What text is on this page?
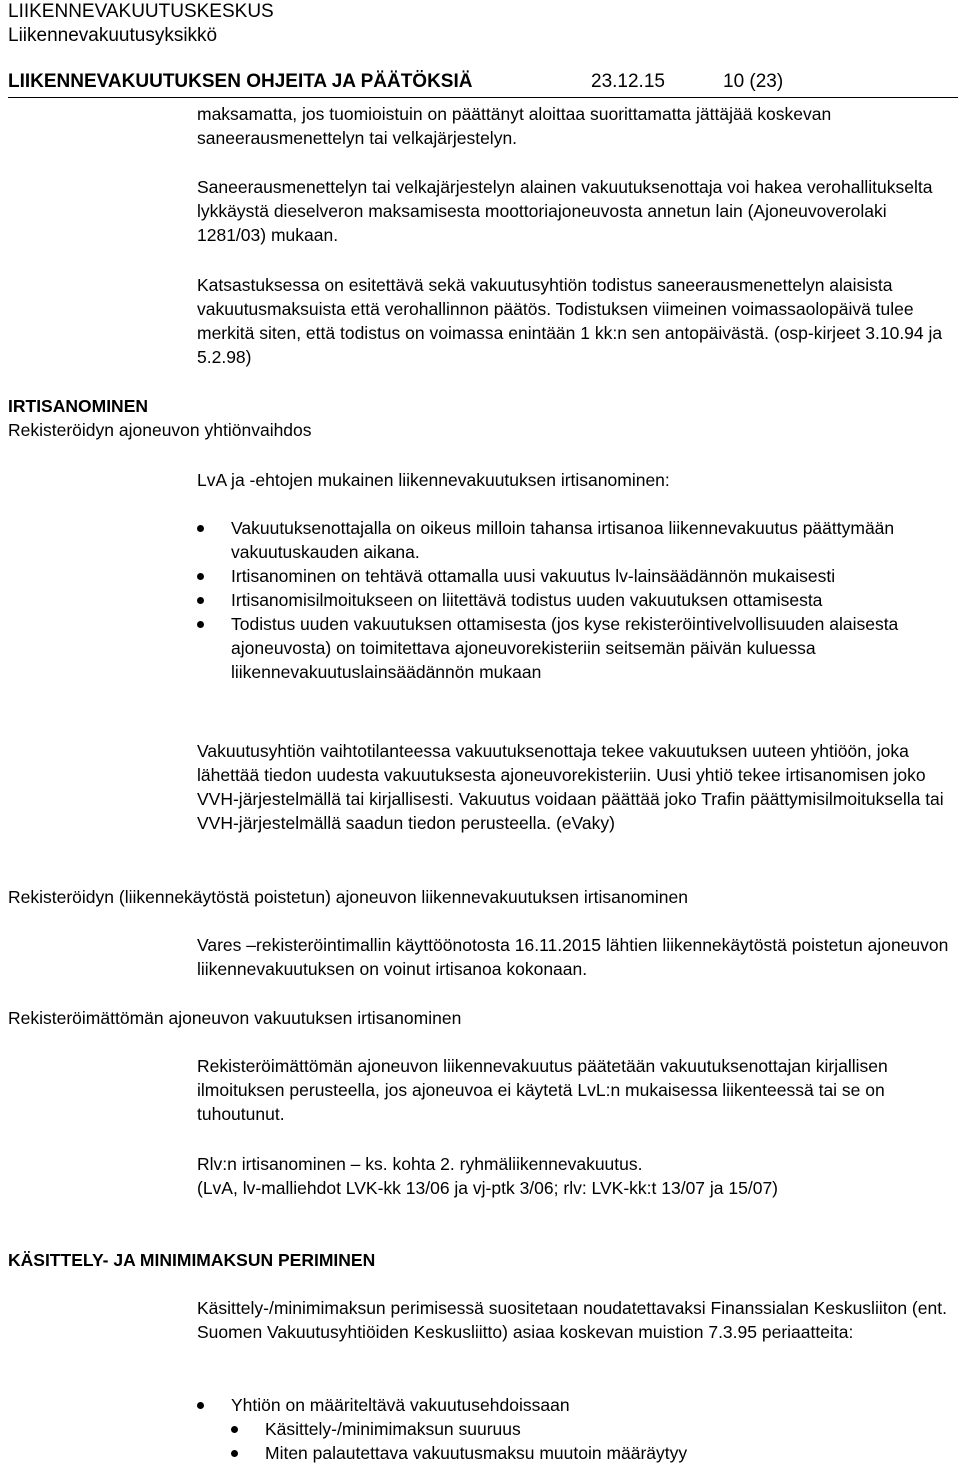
LIIKENNEVAKUUTUSKESKUS
Liikennevakuutusyksikkö
LIIKENNEVAKUUTUKSEN OHJEITA JA PÄÄTÖKSIÄ	23.12.15	10 (23)
maksamatta, jos tuomioistuin on päättänyt aloittaa suorittamatta jättäjää koskevan saneerausmenettelyn tai velkajärjestelyn.
Saneerausmenettelyn tai velkajärjestelyn alainen vakuutuksenottaja voi hakea verohallitukselta lykkäystä dieselveron maksamisesta moottoriajoneuvosta annetun lain (Ajoneuvoverolaki 1281/03) mukaan.
Katsastuksessa on esitettävä sekä vakuutusyhtiön todistus saneerausmenettelyn alaisista vakuutusmaksuista että verohallinnon päätös. Todistuksen viimeinen voimassaolopäivä tulee merkitä siten, että todistus on voimassa enintään 1 kk:n sen antopäivästä. (osp-kirjeet 3.10.94 ja 5.2.98)
IRTISANOMINEN
Rekisteröidyn ajoneuvon yhtiönvaihdos
LvA ja -ehtojen mukainen liikennevakuutuksen irtisanominen:
Vakuutuksenottajalla on oikeus milloin tahansa irtisanoa liikennevakuutus päättymään vakuutuskauden aikana.
Irtisanominen on tehtävä ottamalla uusi vakuutus lv-lainsäädännön mukaisesti
Irtisanomisilmoitukseen on liitettävä todistus uuden vakuutuksen ottamisesta
Todistus uuden vakuutuksen ottamisesta (jos kyse rekisteröintivelvollisuuden alaisesta ajoneuvosta) on toimitettava ajoneuvorekisteriin seitsemän päivän kuluessa liikennevakuutuslainsäädännön mukaan
Vakuutusyhtiön vaihtotilanteessa vakuutuksenottaja tekee vakuutuksen uuteen yhtiöön, joka lähettää tiedon uudesta vakuutuksesta ajoneuvorekisteriin. Uusi yhtiö tekee irtisanomisen joko VVH-järjestelmällä tai kirjallisesti. Vakuutus voidaan päättää joko Trafin päättymisilmoituksella tai VVH-järjestelmällä saadun tiedon perusteella. (eVaky)
Rekisteröidyn (liikennekäytöstä poistetun) ajoneuvon liikennevakuutuksen irtisanominen
Vares –rekisteröintimallin käyttöönotosta 16.11.2015 lähtien liikennekäytöstä poistetun ajoneuvon liikennevakuutuksen on voinut irtisanoa kokonaan.
Rekisteröimättömän ajoneuvon vakuutuksen irtisanominen
Rekisteröimättömän ajoneuvon liikennevakuutus päätetään vakuutuksenottajan kirjallisen ilmoituksen perusteella, jos ajoneuvoa ei käytetä LvL:n mukaisessa liikenteessä tai se on tuhoutunut.
Rlv:n irtisanominen – ks. kohta 2. ryhmäliikennevakuutus.
(LvA, lv-malliehdot LVK-kk 13/06 ja vj-ptk 3/06; rlv: LVK-kk:t 13/07 ja 15/07)
KÄSITTELY- JA MINIMIMAKSUN PERIMINEN
Käsittely-/minimimaksun perimisessä suositetaan noudatettavaksi Finanssialan Keskusliiton (ent. Suomen Vakuutusyhtiöiden Keskusliitto) asiaa koskevan muistion 7.3.95 periaatteita:
Yhtiön on määriteltävä vakuutusehdoissaan
Käsittely-/minimimaksun suuruus
Miten palautettava vakuutusmaksu muutoin määräytyy
